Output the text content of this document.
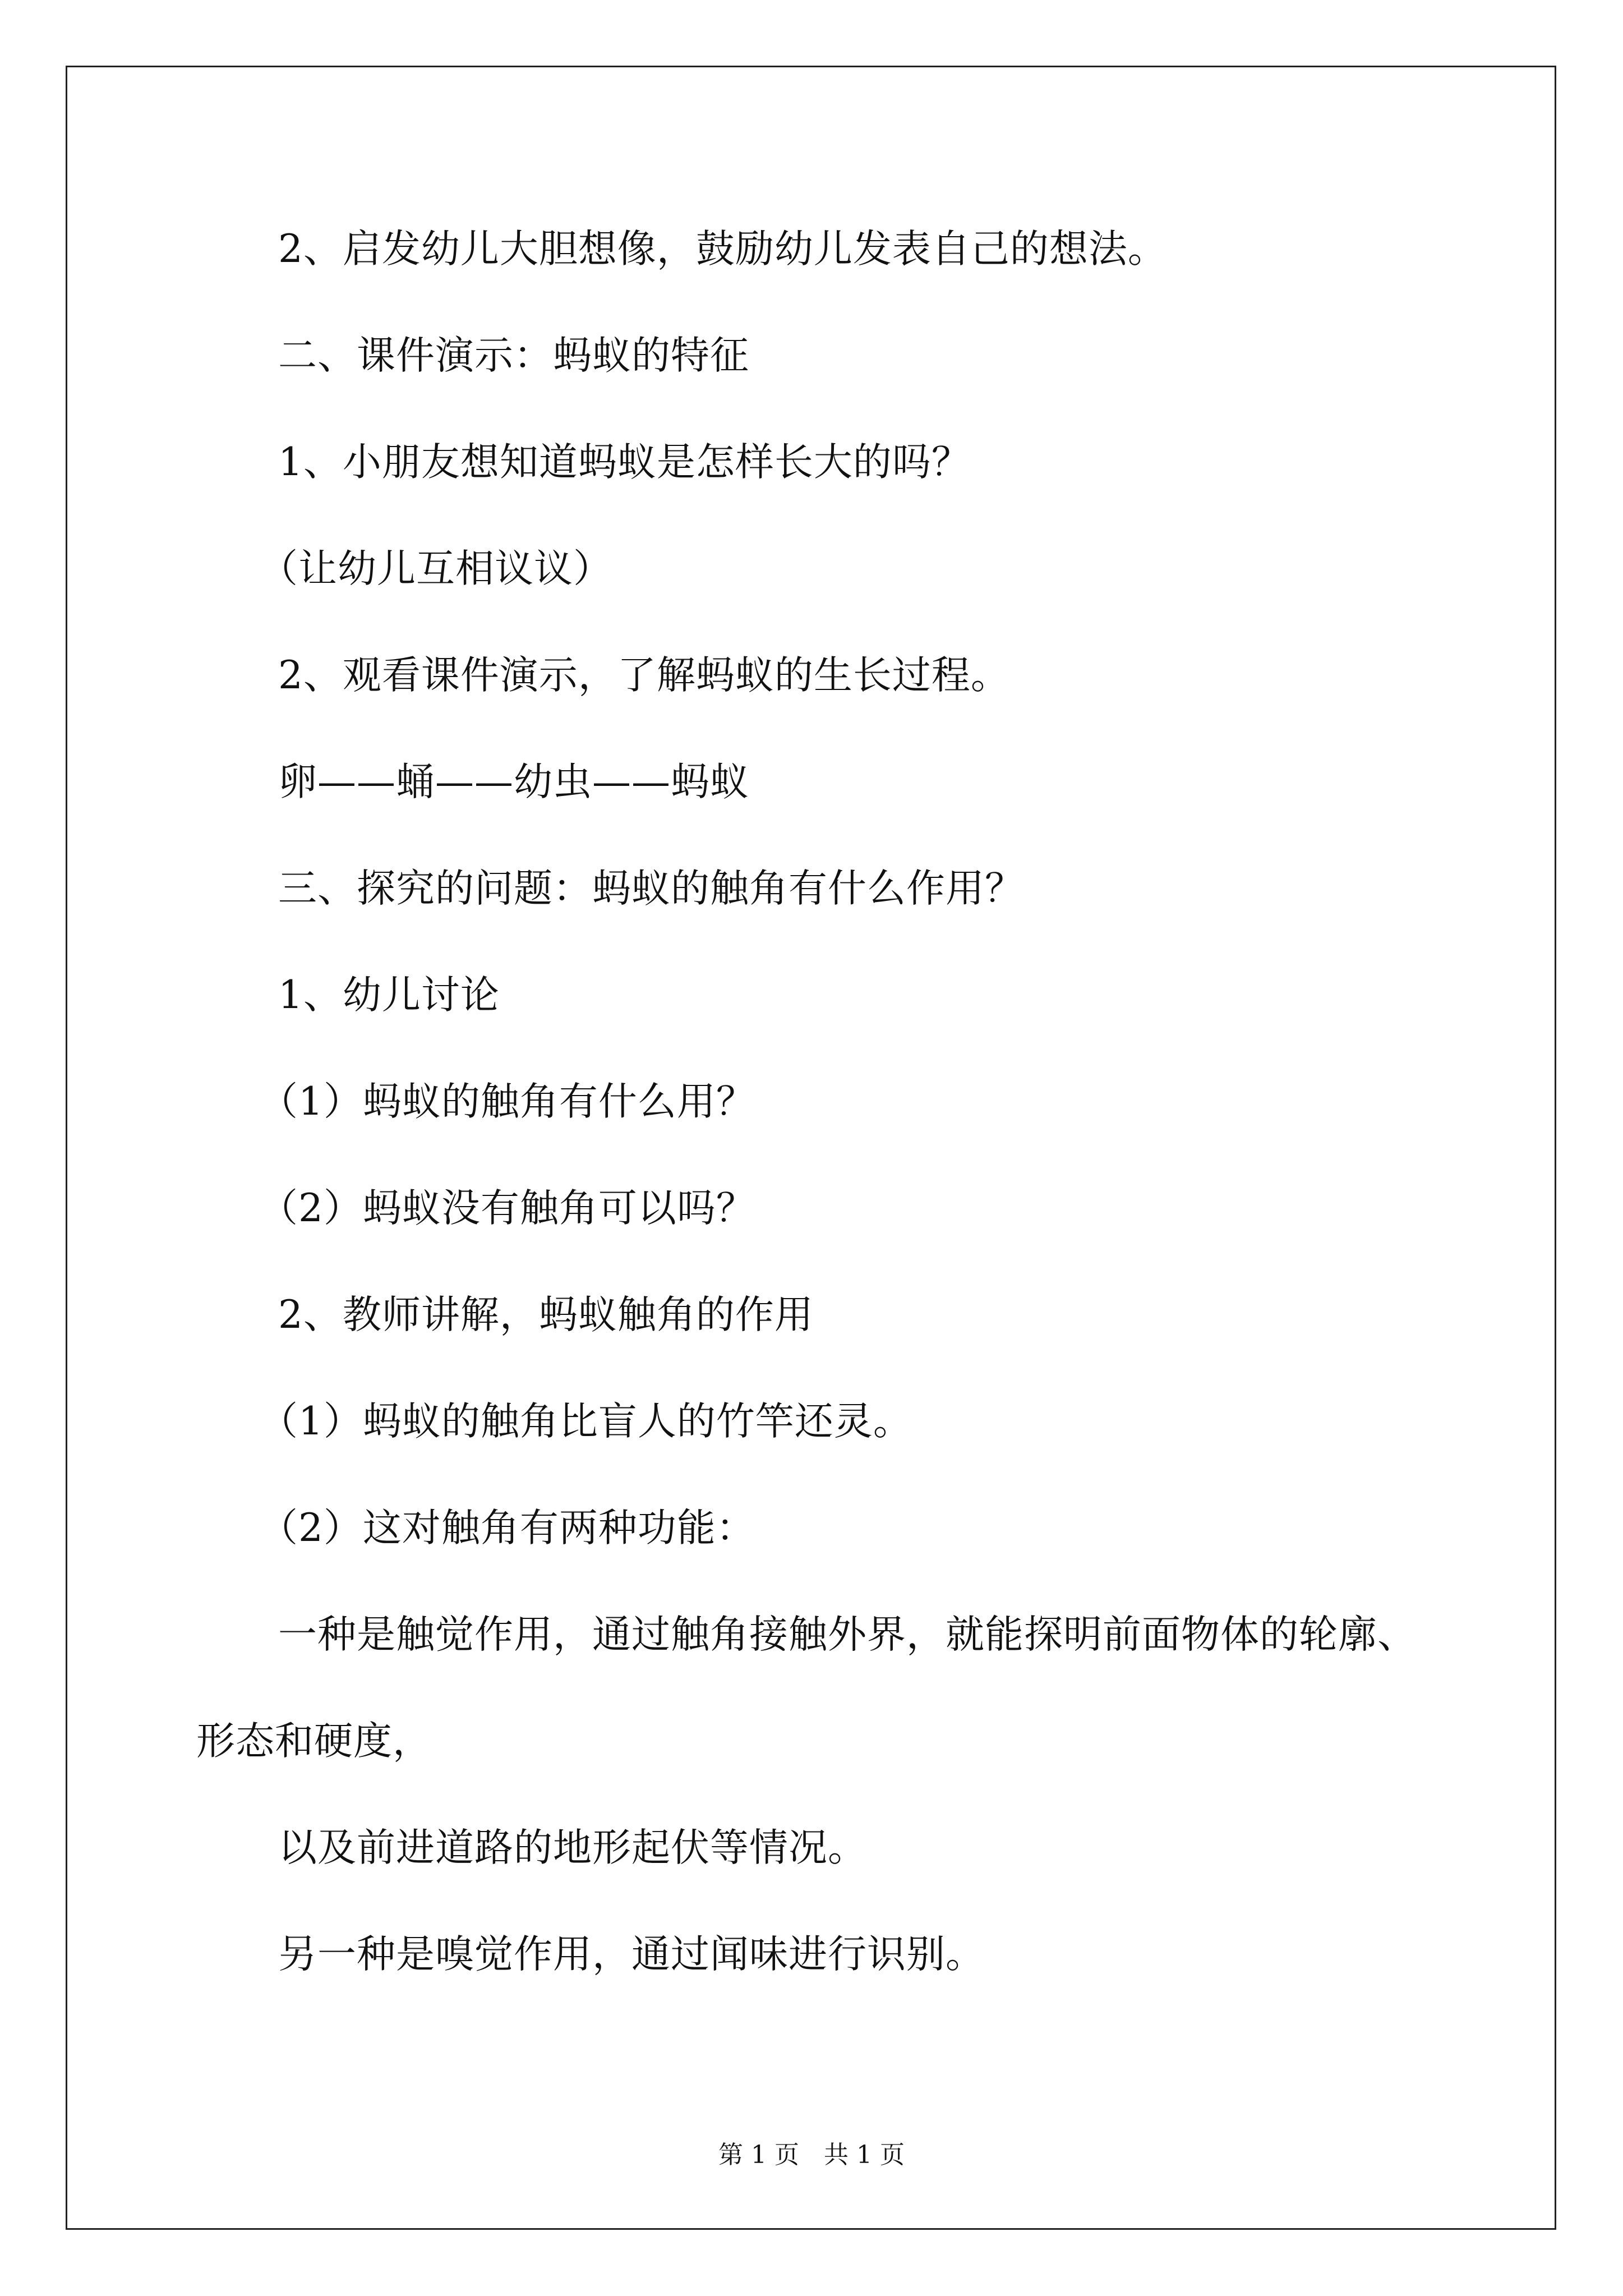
2、启发幼儿大胆想像，鼓励幼儿发表自己的想法。
二、课件演示：蚂蚁的特征
1、小朋友想知道蚂蚁是怎样长大的吗？
（让幼儿互相议议）
2、观看课件演示，了解蚂蚁的生长过程。
卵——蛹——幼虫——蚂蚁
三、探究的问题：蚂蚁的触角有什么作用？
1、幼儿讨论
（1）蚂蚁的触角有什么用？
（2）蚂蚁没有触角可以吗？
2、教师讲解，蚂蚁触角的作用
（1）蚂蚁的触角比盲人的竹竿还灵。
（2）这对触角有两种功能：
一种是触觉作用，通过触角接触外界，就能探明前面物体的轮廓、
形态和硬度，
以及前进道路的地形起伏等情况。
另一种是嗅觉作用，通过闻味进行识别。
第 1 页　共 1 页
